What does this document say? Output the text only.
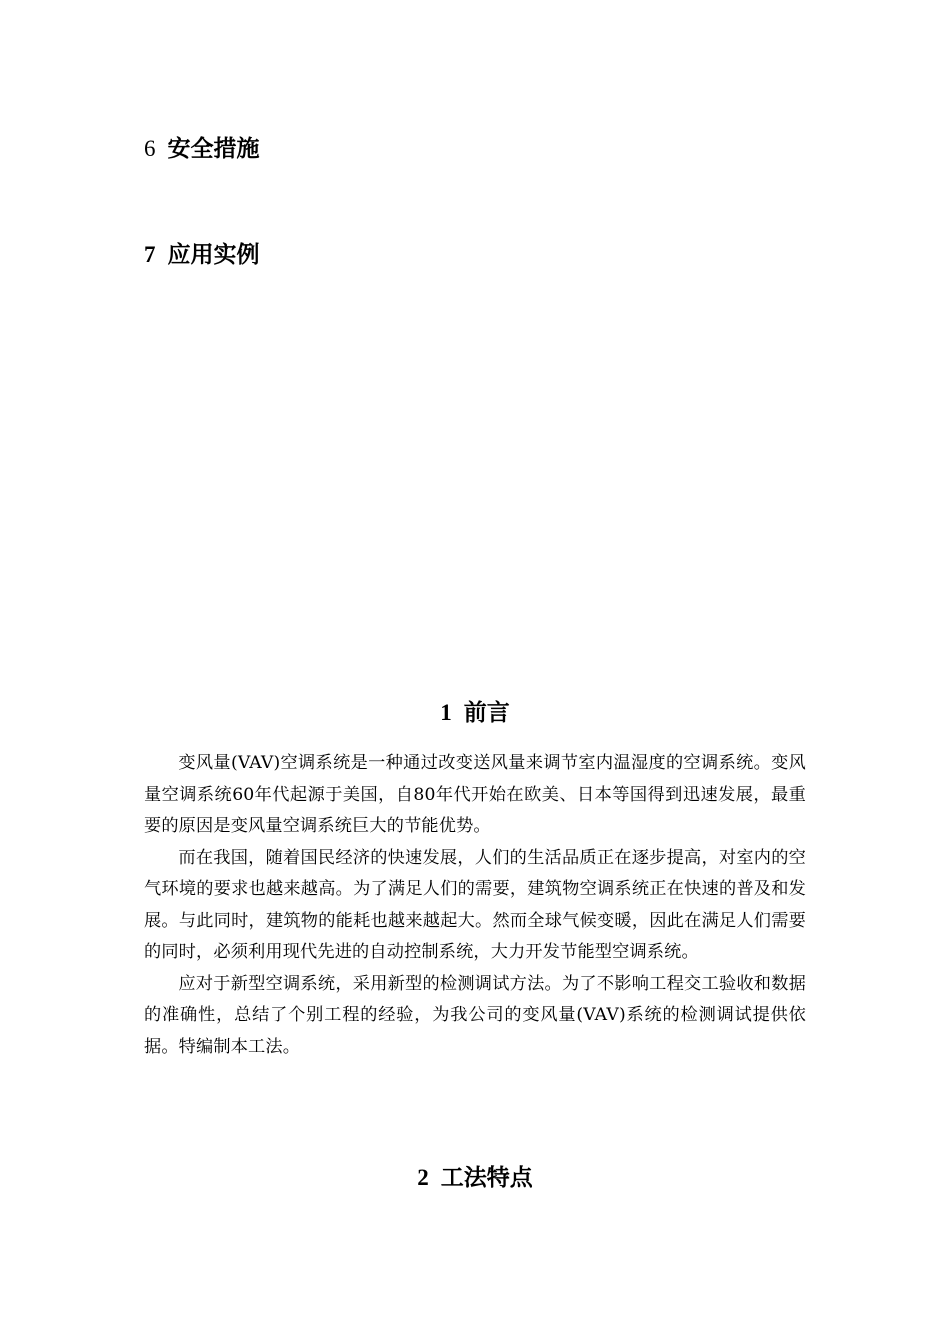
6 安全措施
7 应用实例
1 前言

变风量(VAV)空调系统是一种通过改变送风量来调节室内温湿度的空调系统。变风量空调系统60年代起源于美国，自80年代开始在欧美、日本等国得到迅速发展，最重要的原因是变风量空调系统巨大的节能优势。

而在我国，随着国民经济的快速发展，人们的生活品质正在逐步提高，对室内的空气环境的要求也越来越高。为了满足人们的需要，建筑物空调系统正在快速的普及和发展。与此同时，建筑物的能耗也越来越起大。然而全球气候变暖，因此在满足人们需要的同时，必须利用现代先进的自动控制系统，大力开发节能型空调系统。

应对于新型空调系统，采用新型的检测调试方法。为了不影响工程交工验收和数据的准确性，总结了个别工程的经验，为我公司的变风量(VAV)系统的检测调试提供依据。特编制本工法。

2 工法特点
